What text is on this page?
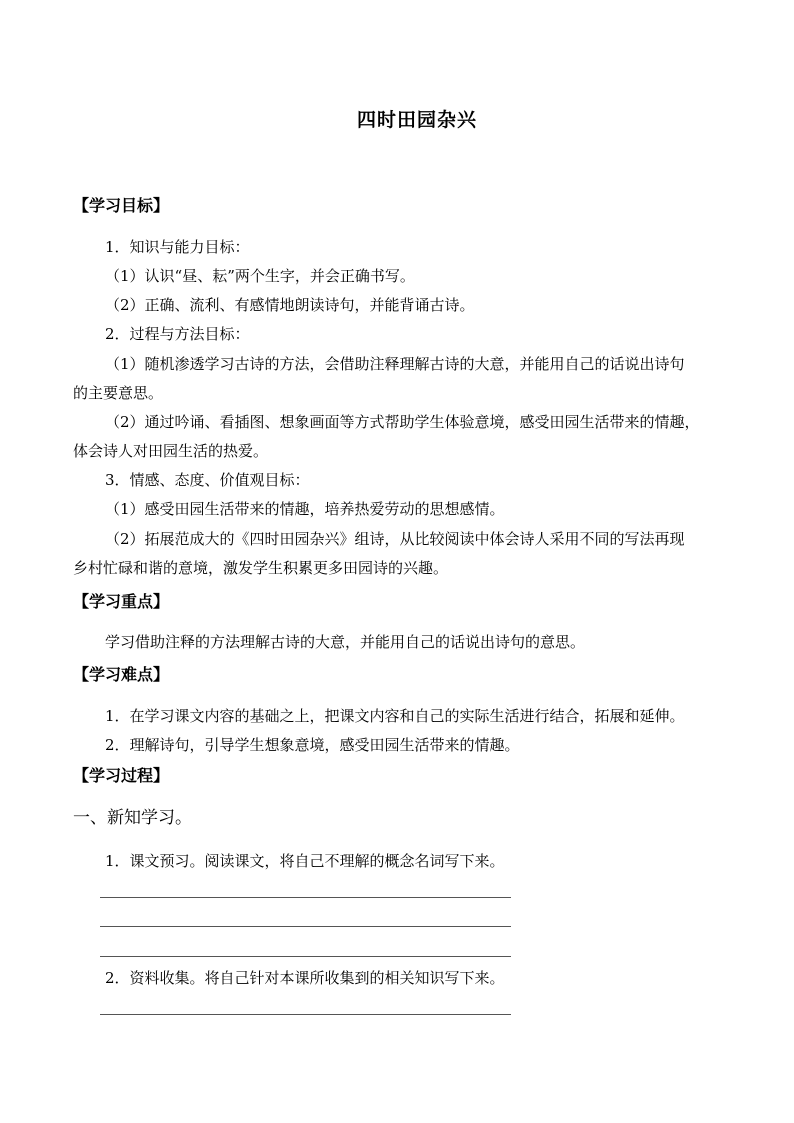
四时田园杂兴
【学习目标】
1．知识与能力目标：
（1）认识“昼、耘”两个生字，并会正确书写。
（2）正确、流利、有感情地朗读诗句，并能背诵古诗。
2．过程与方法目标：
（1）随机渗透学习古诗的方法，会借助注释理解古诗的大意，并能用自己的话说出诗句
的主要意思。
（2）通过吟诵、看插图、想象画面等方式帮助学生体验意境，感受田园生活带来的情趣，
体会诗人对田园生活的热爱。
3．情感、态度、价值观目标：
（1）感受田园生活带来的情趣，培养热爱劳动的思想感情。
（2）拓展范成大的《四时田园杂兴》组诗，从比较阅读中体会诗人采用不同的写法再现
乡村忙碌和谐的意境，激发学生积累更多田园诗的兴趣。
【学习重点】
学习借助注释的方法理解古诗的大意，并能用自己的话说出诗句的意思。
【学习难点】
1．在学习课文内容的基础之上，把课文内容和自己的实际生活进行结合，拓展和延伸。
2．理解诗句，引导学生想象意境，感受田园生活带来的情趣。
【学习过程】
一、新知学习。
1．课文预习。阅读课文，将自己不理解的概念名词写下来。
2．资料收集。将自己针对本课所收集到的相关知识写下来。
